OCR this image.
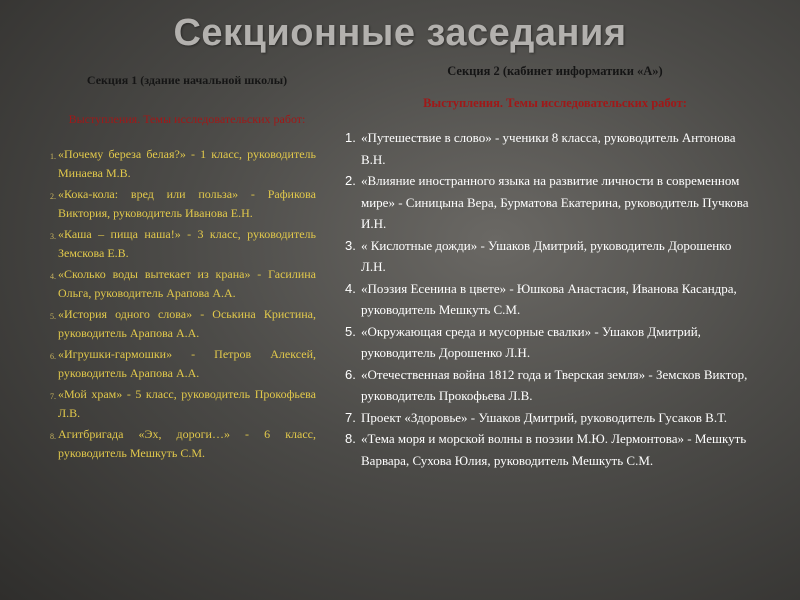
Секционные заседания
Секция 1 (здание начальной школы)
Выступления. Темы исследовательских работ:
1. «Почему береза белая?» - 1 класс, руководитель Минаева М.В.
2. «Кока-кола: вред или польза» - Рафикова Виктория, руководитель Иванова Е.Н.
3. «Каша – пища наша!» - 3 класс, руководитель Земскова Е.В.
4. «Сколько воды вытекает из крана» - Гасилина Ольга, руководитель Арапова А.А.
5. «История одного слова» - Оськина Кристина, руководитель Арапова А.А.
6. «Игрушки-гармошки» - Петров Алексей, руководитель Арапова А.А.
7. «Мой храм» - 5 класс, руководитель Прокофьева Л.В.
8. Агитбригада «Эх, дороги…» - 6 класс, руководитель Мешкуть С.М.
Секция 2 (кабинет информатики «А»)
Выступления. Темы исследовательских работ:
1. «Путешествие в слово» - ученики 8 класса, руководитель Антонова В.Н.
2. «Влияние иностранного языка на развитие личности в современном мире» - Синицына Вера, Бурматова Екатерина, руководитель Пучкова И.Н.
3. « Кислотные дожди» - Ушаков Дмитрий, руководитель Дорошенко Л.Н.
4. «Поэзия Есенина в цвете» - Юшкова Анастасия, Иванова Касандра, руководитель Мешкуть С.М.
5. «Окружающая среда и мусорные свалки» - Ушаков Дмитрий, руководитель Дорошенко Л.Н.
6. «Отечественная война 1812 года и Тверская земля» - Земсков Виктор, руководитель Прокофьева Л.В.
7. Проект «Здоровье» - Ушаков Дмитрий, руководитель Гусаков В.Т.
8. «Тема моря и морской волны в поэзии М.Ю. Лермонтова» - Мешкуть Варвара, Сухова Юлия, руководитель Мешкуть С.М.
